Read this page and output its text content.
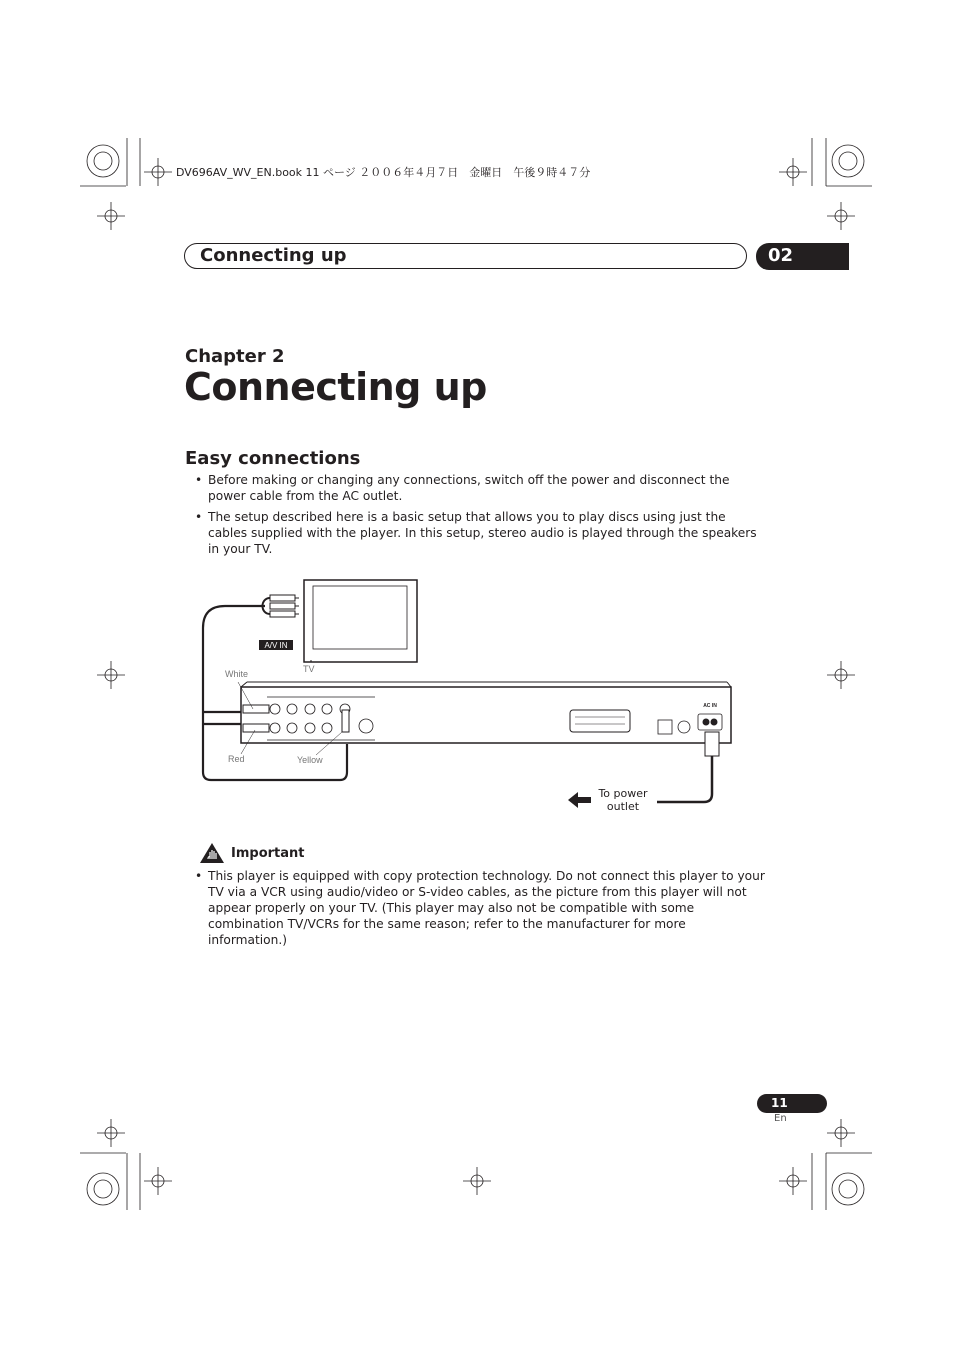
DV696AV_WV_EN.book 11 ページ ２００６年４月７日　金曜日　午後９時４７分
Connecting up	02
Chapter 2
Connecting up
Easy connections
• Before making or changing any connections, switch off the power and disconnect the power cable from the AC outlet.
• The setup described here is a basic setup that allows you to play discs using just the cables supplied with the player. In this setup, stereo audio is played through the speakers in your TV.
A/V IN
TV
White
Red	Yellow
AC IN
To power
outlet
Important
• This player is equipped with copy protection technology. Do not connect this player to your TV via a VCR using audio/video or S-video cables, as the picture from this player will not appear properly on your TV. (This player may also not be compatible with some combination TV/VCRs for the same reason; refer to the manufacturer for more information.)
11
En
